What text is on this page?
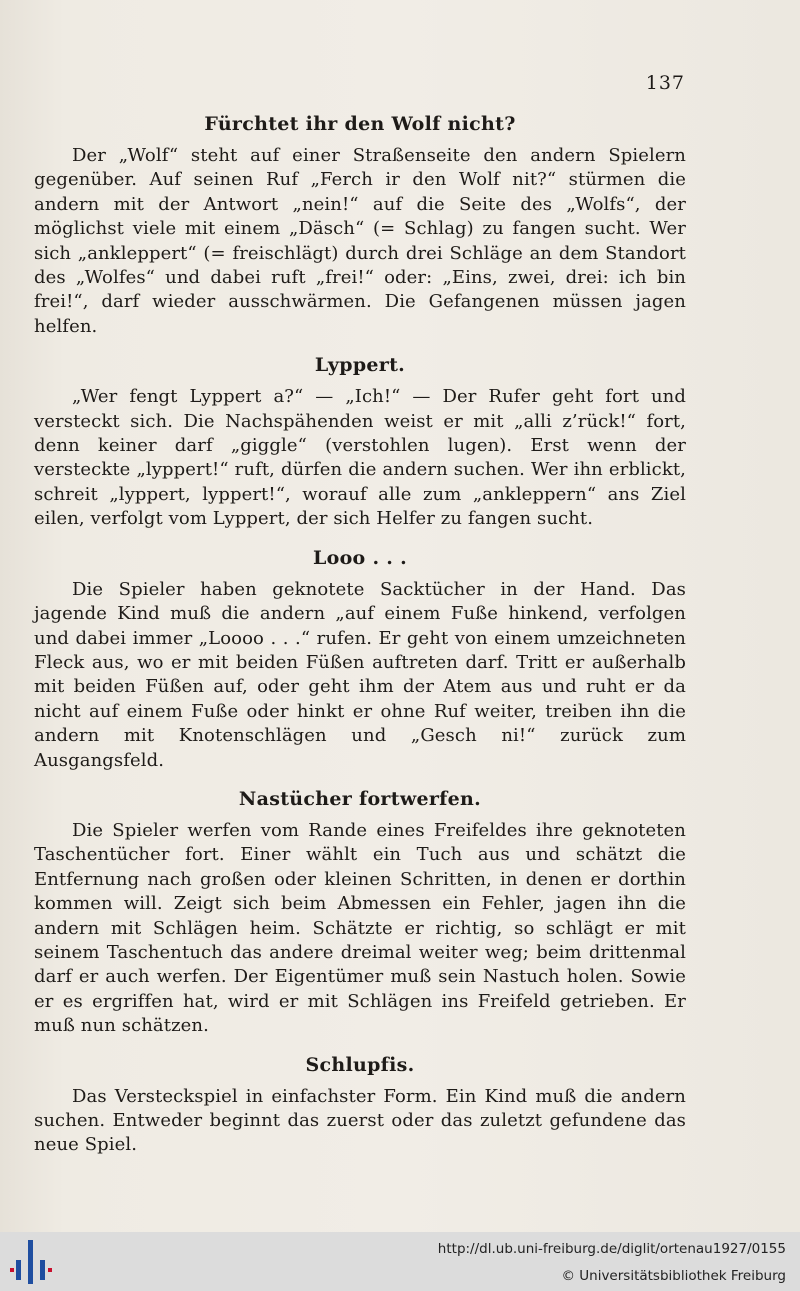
137
Fürchtet ihr den Wolf nicht?

Der „Wolf“ steht auf einer Straßenseite den andern Spielern gegenüber. Auf seinen Ruf „Ferch ir den Wolf nit?“ stürmen die andern mit der Antwort „nein!“ auf die Seite des „Wolfs“, der möglichst viele mit einem „Däsch“ (= Schlag) zu fangen sucht. Wer sich „ankleppert“ (= freischlägt) durch drei Schläge an dem Standort des „Wolfes“ und dabei ruft „frei!“ oder: „Eins, zwei, drei: ich bin frei!“, darf wieder ausschwärmen. Die Gefangenen müssen jagen helfen.

Lyppert.

„Wer fengt Lyppert a?“ — „Ich!“ — Der Rufer geht fort und versteckt sich. Die Nachspähenden weist er mit „alli z’rück!“ fort, denn keiner darf „giggle“ (verstohlen lugen). Erst wenn der versteckte „lyppert!“ ruft, dürfen die andern suchen. Wer ihn erblickt, schreit „lyppert, lyppert!“, worauf alle zum „ankleppern“ ans Ziel eilen, verfolgt vom Lyppert, der sich Helfer zu fangen sucht.

Looo . . .

Die Spieler haben geknotete Sacktücher in der Hand. Das jagende Kind muß die andern „auf einem Fuße hinkend, verfolgen und dabei immer „Loooo . . .“ rufen. Er geht von einem umzeichneten Fleck aus, wo er mit beiden Füßen auftreten darf. Tritt er außerhalb mit beiden Füßen auf, oder geht ihm der Atem aus und ruht er da nicht auf einem Fuße oder hinkt er ohne Ruf weiter, treiben ihn die andern mit Knotenschlägen und „Gesch ni!“ zurück zum Ausgangsfeld.

Nastücher fortwerfen.

Die Spieler werfen vom Rande eines Freifeldes ihre geknoteten Taschentücher fort. Einer wählt ein Tuch aus und schätzt die Entfernung nach großen oder kleinen Schritten, in denen er dorthin kommen will. Zeigt sich beim Abmessen ein Fehler, jagen ihn die andern mit Schlägen heim. Schätzte er richtig, so schlägt er mit seinem Taschentuch das andere dreimal weiter weg; beim drittenmal darf er auch werfen. Der Eigentümer muß sein Nastuch holen. Sowie er es ergriffen hat, wird er mit Schlägen ins Freifeld getrieben. Er muß nun schätzen.

Schlupfis.

Das Versteckspiel in einfachster Form. Ein Kind muß die andern suchen. Entweder beginnt das zuerst oder das zuletzt gefundene das neue Spiel.

http://dl.ub.uni-freiburg.de/diglit/ortenau1927/0155
© Universitätsbibliothek Freiburg
